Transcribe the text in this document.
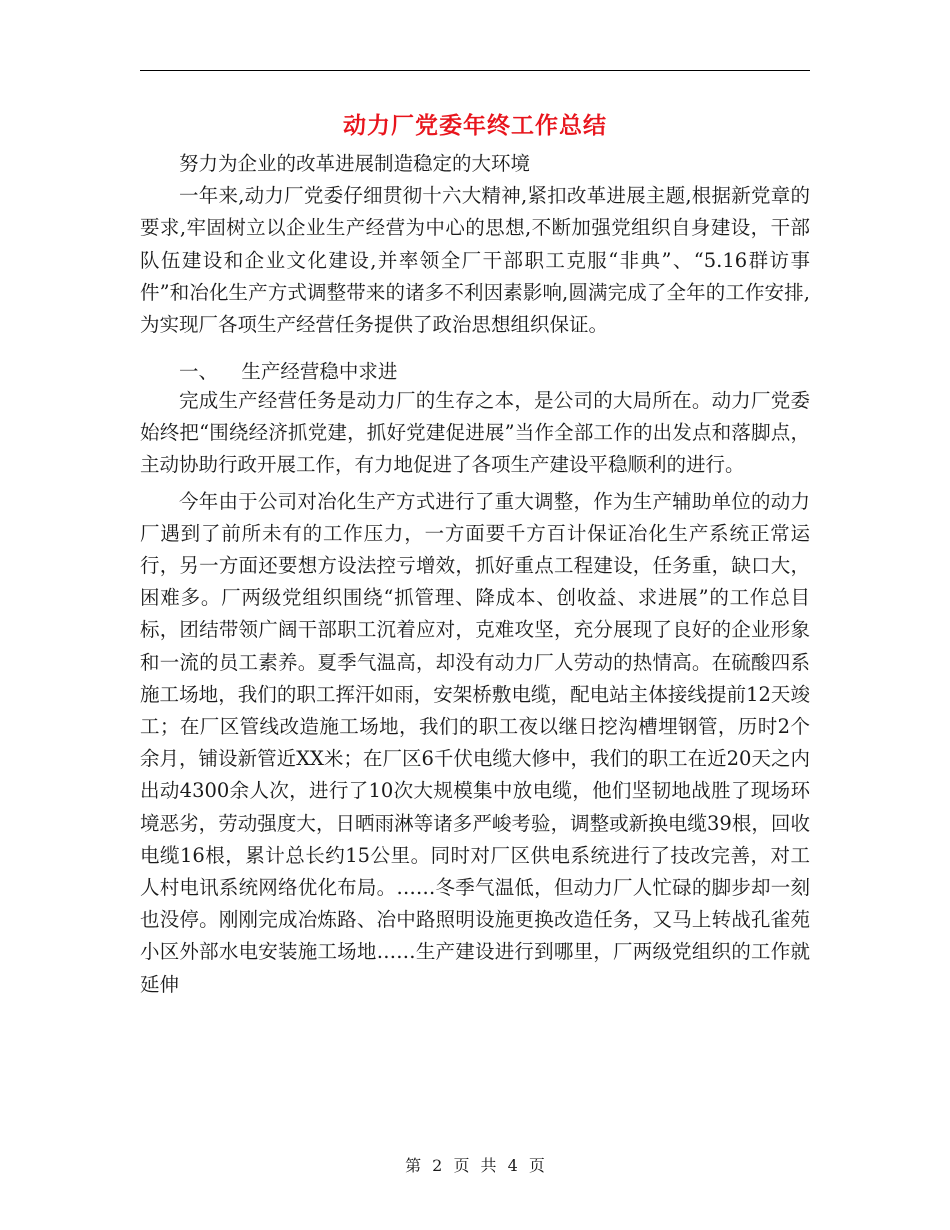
动力厂党委年终工作总结

努力为企业的改革进展制造稳定的大环境

一年来,动力厂党委仔细贯彻十六大精神,紧扣改革进展主题,根据新党章的要求,牢固树立以企业生产经营为中心的思想,不断加强党组织自身建设，干部队伍建设和企业文化建设,并率领全厂干部职工克服“非典”、“5.16群访事件”和冶化生产方式调整带来的诸多不利因素影响,圆满完成了全年的工作安排,为实现厂各项生产经营任务提供了政治思想组织保证。

一、 生产经营稳中求进

完成生产经营任务是动力厂的生存之本，是公司的大局所在。动力厂党委始终把“围绕经济抓党建，抓好党建促进展”当作全部工作的出发点和落脚点，主动协助行政开展工作，有力地促进了各项生产建设平稳顺利的进行。

今年由于公司对冶化生产方式进行了重大调整，作为生产辅助单位的动力厂遇到了前所未有的工作压力，一方面要千方百计保证冶化生产系统正常运行，另一方面还要想方设法控亏增效，抓好重点工程建设，任务重，缺口大，困难多。厂两级党组织围绕“抓管理、降成本、创收益、求进展”的工作总目标，团结带领广阔干部职工沉着应对，克难攻坚，充分展现了良好的企业形象和一流的员工素养。夏季气温高，却没有动力厂人劳动的热情高。在硫酸四系施工场地，我们的职工挥汗如雨，安架桥敷电缆，配电站主体接线提前12天竣工；在厂区管线改造施工场地，我们的职工夜以继日挖沟槽埋钢管，历时2个余月，铺设新管近XX米；在厂区6千伏电缆大修中，我们的职工在近20天之内出动4300余人次，进行了10次大规模集中放电缆，他们坚韧地战胜了现场环境恶劣，劳动强度大，日晒雨淋等诸多严峻考验，调整或新换电缆39根，回收电缆16根，累计总长约15公里。同时对厂区供电系统进行了技改完善，对工人村电讯系统网络优化布局。……冬季气温低，但动力厂人忙碌的脚步却一刻也没停。刚刚完成冶炼路、冶中路照明设施更换改造任务，又马上转战孔雀苑小区外部水电安装施工场地……生产建设进行到哪里，厂两级党组织的工作就延伸

第 2 页 共 4 页
